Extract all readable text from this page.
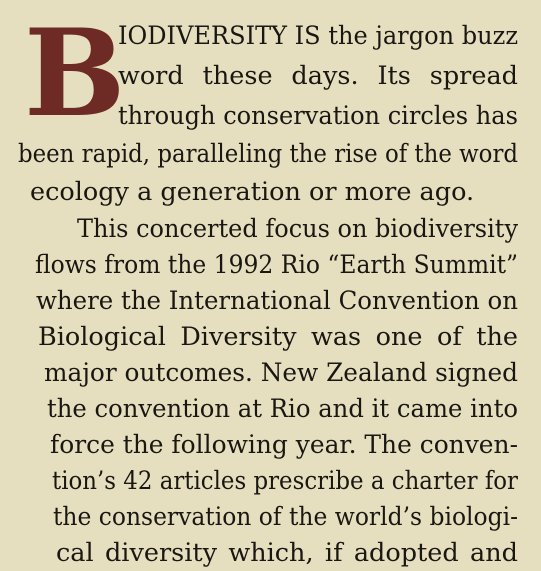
B
IODIVERSITY IS the jargon buzz
word these days. Its spread
through conservation circles has
been rapid, paralleling the rise of the word
ecology a generation or more ago.
This concerted focus on biodiversity
flows from the 1992 Rio “Earth Summit”
where the International Convention on
Biological Diversity was one of the
major outcomes. New Zealand signed
the convention at Rio and it came into
force the following year. The conven-
tion’s 42 articles prescribe a charter for
the conservation of the world’s biologi-
cal diversity which, if adopted and
